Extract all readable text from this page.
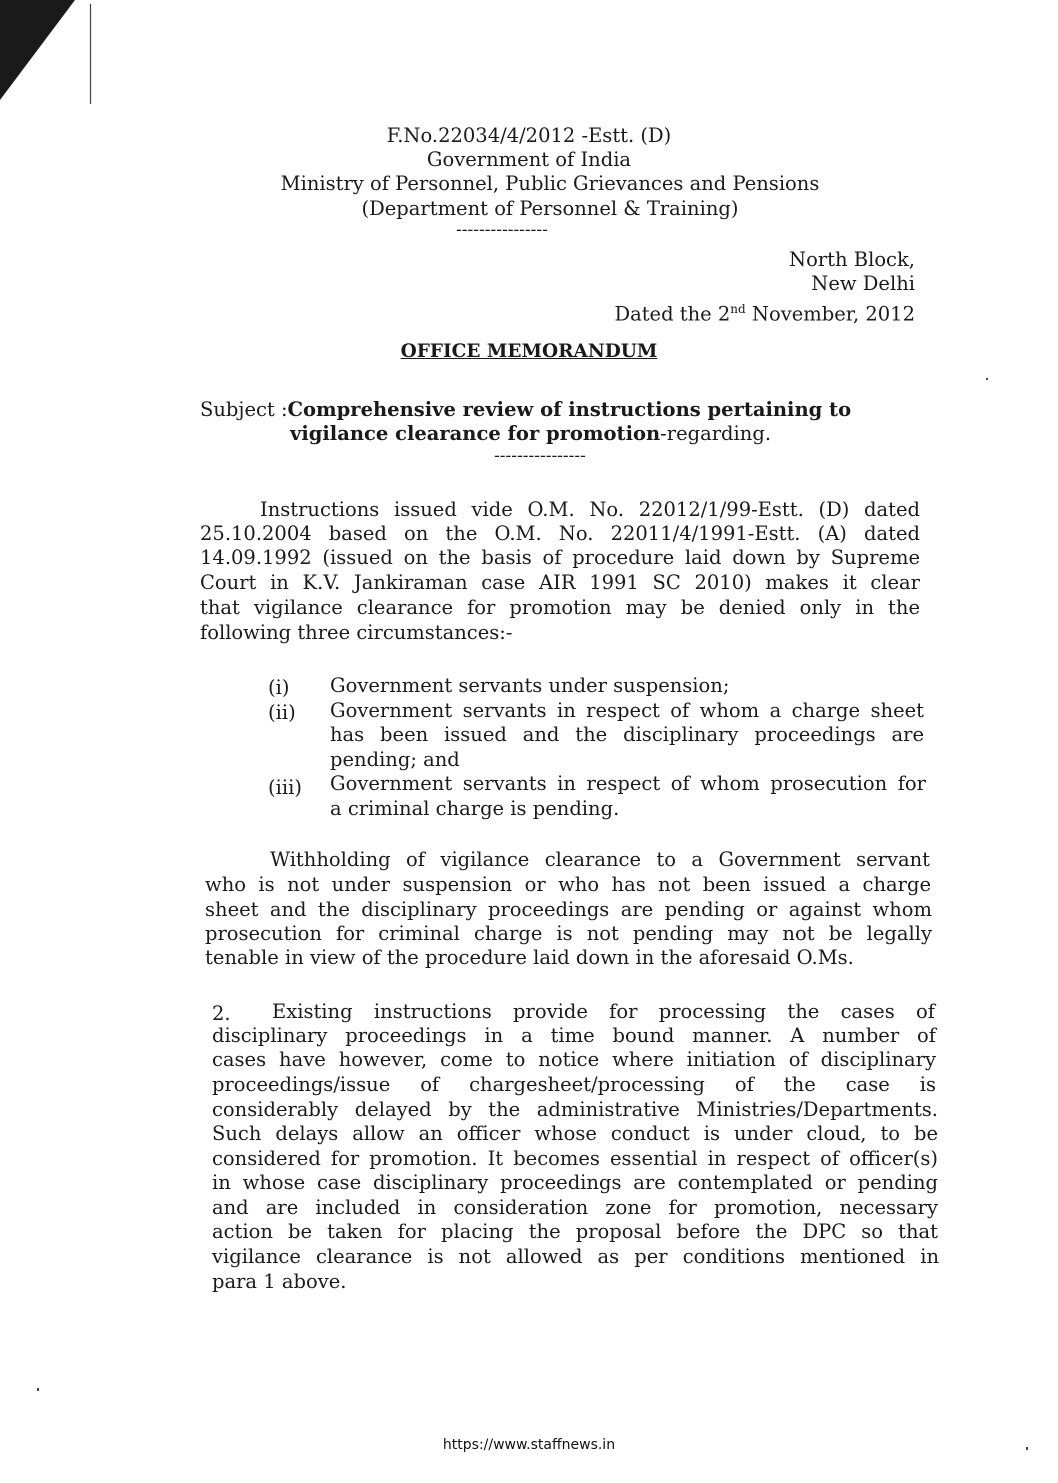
F.No.22034/4/2012 -Estt. (D)
Government of India
Ministry of Personnel, Public Grievances and Pensions
(Department of Personnel & Training)
----------------
North Block,
New Delhi
Dated the 2nd November, 2012
OFFICE MEMORANDUM
Subject :Comprehensive review of instructions pertaining to
vigilance clearance for promotion-regarding.
----------------
Instructions issued vide O.M. No. 22012/1/99-Estt. (D) dated
25.10.2004 based on the O.M. No. 22011/4/1991-Estt. (A) dated
14.09.1992 (issued on the basis of procedure laid down by Supreme
Court in K.V. Jankiraman case AIR 1991 SC 2010) makes it clear
that vigilance clearance for promotion may be denied only in the
following three circumstances:-
(i) Government servants under suspension;
(ii) Government servants in respect of whom a charge sheet
has been issued and the disciplinary proceedings are
pending; and
(iii) Government servants in respect of whom prosecution for
a criminal charge is pending.
Withholding of vigilance clearance to a Government servant
who is not under suspension or who has not been issued a charge
sheet and the disciplinary proceedings are pending or against whom
prosecution for criminal charge is not pending may not be legally
tenable in view of the procedure laid down in the aforesaid O.Ms.
2. Existing instructions provide for processing the cases of
disciplinary proceedings in a time bound manner. A number of
cases have however, come to notice where initiation of disciplinary
proceedings/issue of chargesheet/processing of the case is
considerably delayed by the administrative Ministries/Departments.
Such delays allow an officer whose conduct is under cloud, to be
considered for promotion. It becomes essential in respect of officer(s)
in whose case disciplinary proceedings are contemplated or pending
and are included in consideration zone for promotion, necessary
action be taken for placing the proposal before the DPC so that
vigilance clearance is not allowed as per conditions mentioned in
para 1 above.
https://www.staffnews.in
